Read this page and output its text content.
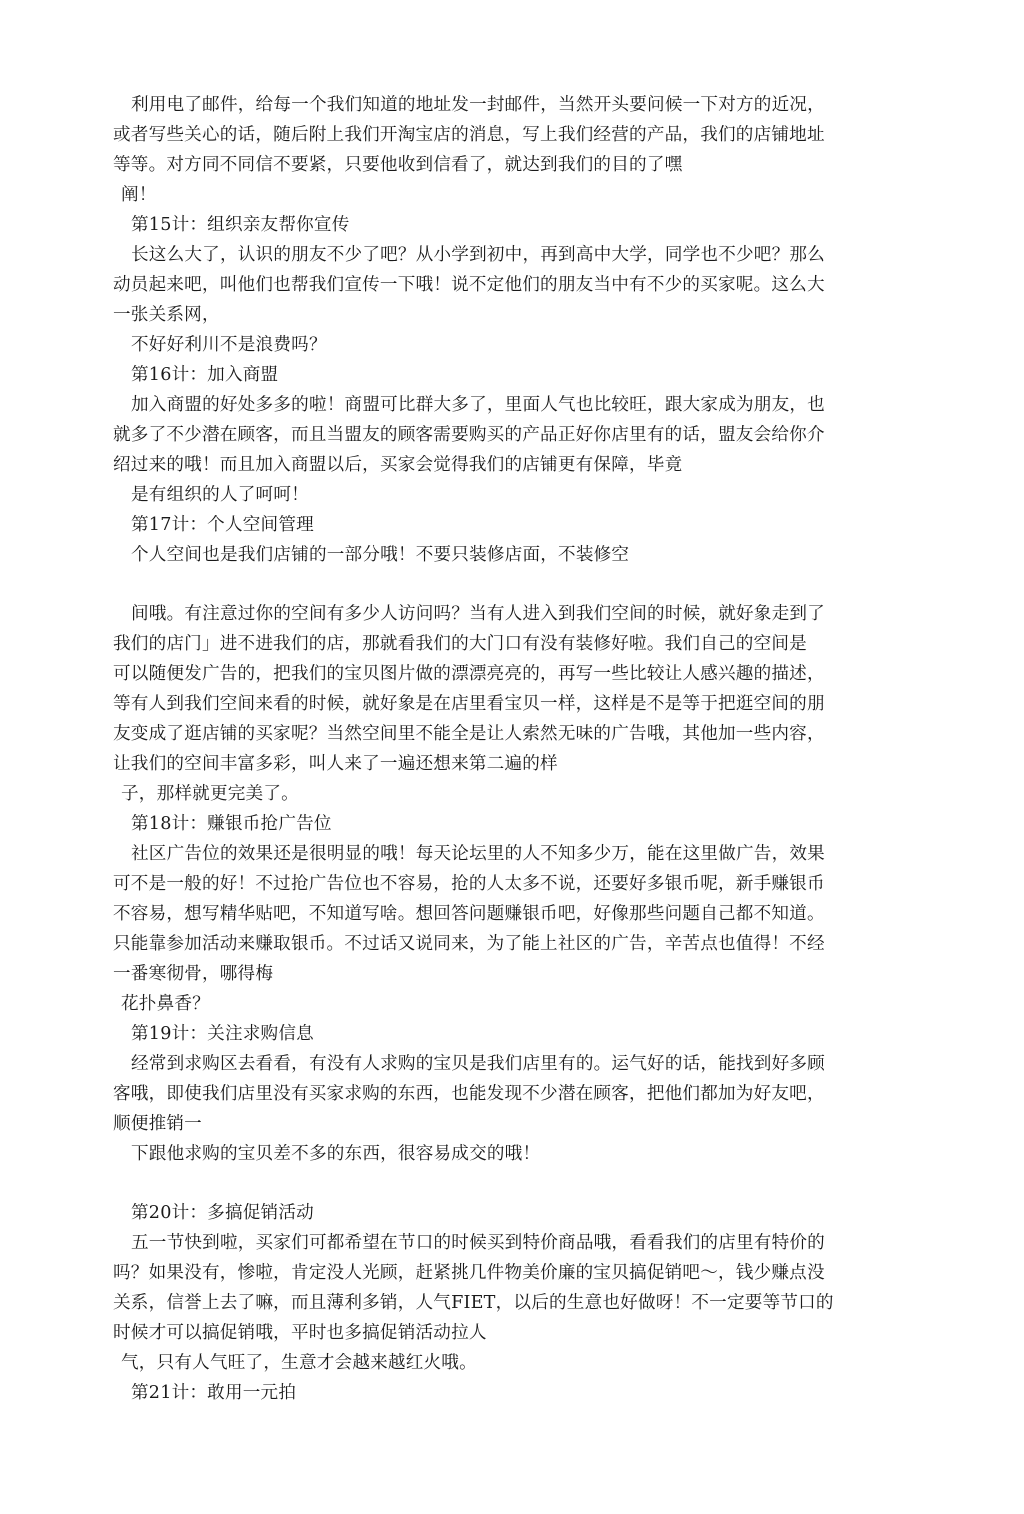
利用电了邮件，给每一个我们知道的地址发一封邮件，当然开头要问候一下对方的近况，
或者写些关心的话，随后附上我们开淘宝店的消息，写上我们经营的产品，我们的店铺地址
等等。对方同不同信不要紧，只要他收到信看了，就达到我们的目的了嘿
阐！
第15计：组织亲友帮你宣传
长这么大了，认识的朋友不少了吧？从小学到初中，再到高中大学，同学也不少吧？那么
动员起来吧，叫他们也帮我们宣传一下哦！说不定他们的朋友当中有不少的买家呢。这么大
一张关系网，
不好好利川不是浪费吗？
第16计：加入商盟
加入商盟的好处多多的啦！商盟可比群大多了，里面人气也比较旺，跟大家成为朋友，也
就多了不少潜在顾客，而且当盟友的顾客需要购买的产品正好你店里有的话，盟友会给你介
绍过来的哦！而且加入商盟以后，买家会觉得我们的店铺更有保障，毕竟
是有组织的人了呵呵！
第17计：个人空间管理
个人空间也是我们店铺的一部分哦！不要只装修店面，不装修空
间哦。有注意过你的空间有多少人访问吗？当有人进入到我们空间的时候，就好象走到了
我们的店门」进不进我们的店，那就看我们的大门口有没有装修好啦。我们自己的空间是
可以随便发广告的，把我们的宝贝图片做的漂漂亮亮的，再写一些比较让人感兴趣的描述，
等有人到我们空间来看的时候，就好象是在店里看宝贝一样，这样是不是等于把逛空间的朋
友变成了逛店铺的买家呢？当然空间里不能全是让人索然无味的广告哦，其他加一些内容，
让我们的空间丰富多彩，叫人来了一遍还想来第二遍的样
子，那样就更完美了。
第18计：赚银币抢广告位
社区广告位的效果还是很明显的哦！每天论坛里的人不知多少万，能在这里做广告，效果
可不是一般的好！不过抢广告位也不容易，抢的人太多不说，还要好多银币呢，新手赚银币
不容易，想写精华贴吧，不知道写啥。想回答问题赚银币吧，好像那些问题自己都不知道。
只能靠参加活动来赚取银币。不过话又说同来，为了能上社区的广告，辛苦点也值得！不经
一番寒彻骨，哪得梅
花扑鼻香？
第19计：关注求购信息
经常到求购区去看看，有没有人求购的宝贝是我们店里有的。运气好的话，能找到好多顾
客哦，即使我们店里没有买家求购的东西，也能发现不少潜在顾客，把他们都加为好友吧，
顺便推销一
下跟他求购的宝贝差不多的东西，很容易成交的哦！
第20计：多搞促销活动
五一节快到啦，买家们可都希望在节口的时候买到特价商品哦，看看我们的店里有特价的
吗？如果没有，惨啦，肯定没人光顾，赶紧挑几件物美价廉的宝贝搞促销吧～，钱少赚点没
关系，信誉上去了嘛，而且薄利多销，人气FIET，以后的生意也好做呀！不一定要等节口的
时候才可以搞促销哦，平时也多搞促销活动拉人
气，只有人气旺了，生意才会越来越红火哦。
第21计：敢用一元拍
